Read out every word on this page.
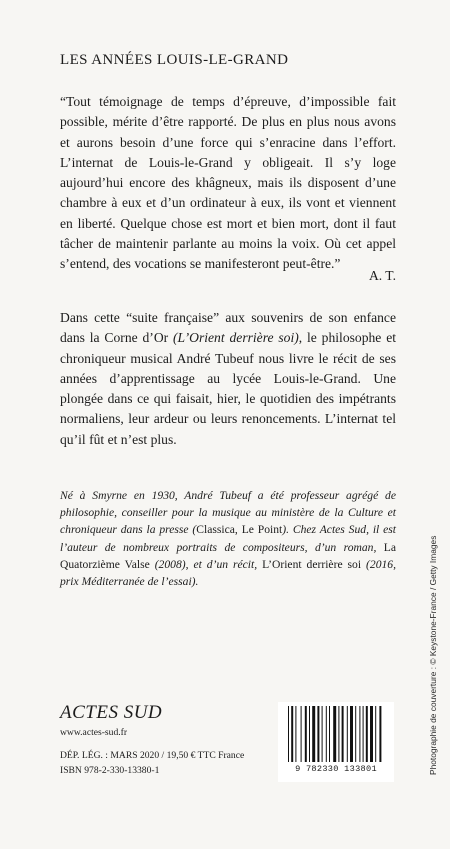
LES ANNÉES LOUIS-LE-GRAND

“Tout témoignage de temps d’épreuve, d’impossible fait possible, mérite d’être rapporté. De plus en plus nous avons et aurons besoin d’une force qui s’enracine dans l’effort. L’internat de Louis-le-Grand y obligeait. Il s’y loge aujourd’hui encore des khâgneux, mais ils disposent d’une chambre à eux et d’un ordinateur à eux, ils vont et viennent en liberté. Quelque chose est mort et bien mort, dont il faut tâcher de maintenir parlante au moins la voix. Où cet appel s’entend, des vocations se manifesteront peut-être.”

A. T.

Dans cette “suite française” aux souvenirs de son enfance dans la Corne d’Or (L’Orient derrière soi), le philosophe et chroniqueur musical André Tubeuf nous livre le récit de ses années d’apprentissage au lycée Louis-le-Grand. Une plongée dans ce qui faisait, hier, le quotidien des impétrants normaliens, leur ardeur ou leurs renoncements. L’internat tel qu’il fût et n’est plus.

Né à Smyrne en 1930, André Tubeuf a été professeur agrégé de philosophie, conseiller pour la musique au ministère de la Culture et chroniqueur dans la presse (Classica, Le Point). Chez Actes Sud, il est l’auteur de nombreux portraits de compositeurs, d’un roman, La Quatorzième Valse (2008), et d’un récit, L’Orient derrière soi (2016, prix Méditerranée de l’essai).

ACTES SUD
www.actes-sud.fr
DÉP. LÉG. : MARS 2020 / 19,50 € TTC France
ISBN 978-2-330-13380-1	9 782330 133801	Photographie de couverture : © Keystone-France / Getty Images
